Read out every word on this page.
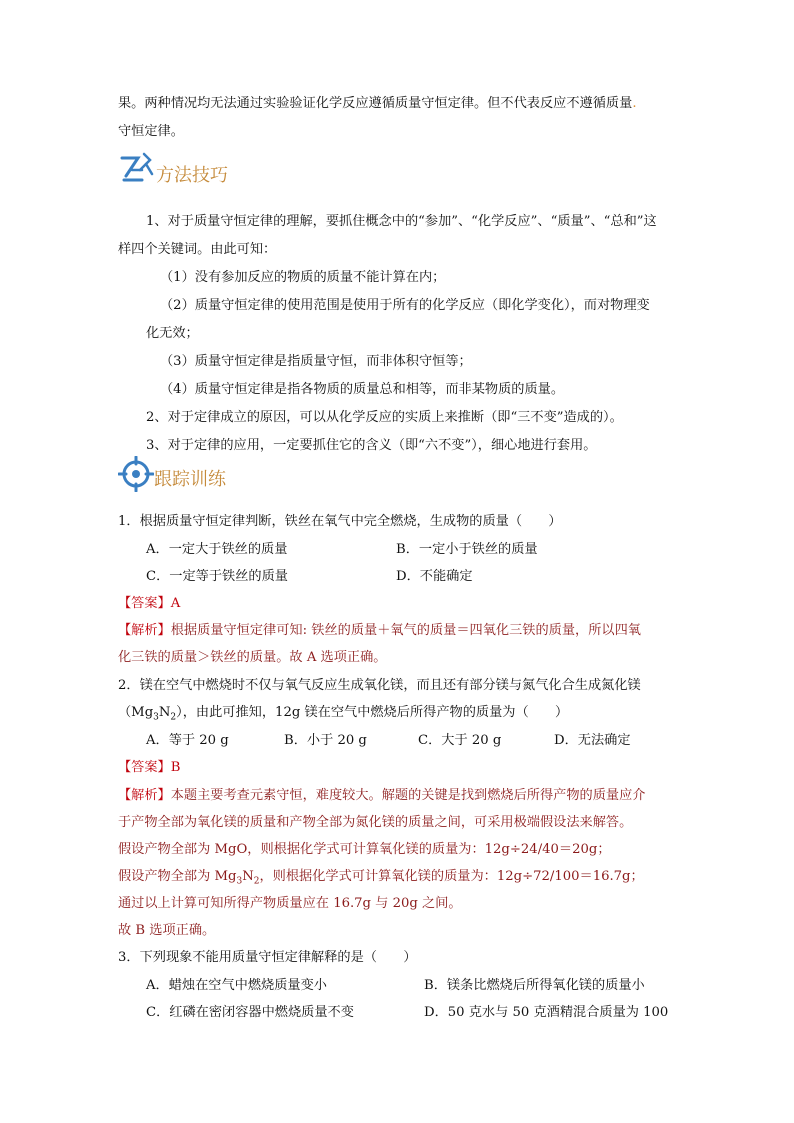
果。两种情况均无法通过实验验证化学反应遵循质量守恒定律。但不代表反应不遵循质量.
守恒定律。
方法技巧
1、对于质量守恒定律的理解，要抓住概念中的“参加”、“化学反应”、“质量”、“总和”这
样四个关键词。由此可知：
（1）没有参加反应的物质的质量不能计算在内；
（2）质量守恒定律的使用范围是使用于所有的化学反应（即化学变化），而对物理变
化无效；
（3）质量守恒定律是指质量守恒，而非体积守恒等；
（4）质量守恒定律是指各物质的质量总和相等，而非某物质的质量。
2、对于定律成立的原因，可以从化学反应的实质上来推断（即“三不变”造成的）。
3、对于定律的应用，一定要抓住它的含义（即“六不变”），细心地进行套用。
跟踪训练
1．根据质量守恒定律判断，铁丝在氧气中完全燃烧，生成物的质量（　　）
A．一定大于铁丝的质量	B．一定小于铁丝的质量
C．一定等于铁丝的质量	D．不能确定
【答案】A
【解析】根据质量守恒定律可知: 铁丝的质量＋氧气的质量＝四氧化三铁的质量，所以四氧
化三铁的质量＞铁丝的质量。故 A 选项正确。
2．镁在空气中燃烧时不仅与氧气反应生成氧化镁，而且还有部分镁与氮气化合生成氮化镁
$(Mg_3N_2)$，由此可推知，12g 镁在空气中燃烧后所得产物的质量为（　　）
A．等于 20 g	B．小于 20 g	C．大于 20 g	D．无法确定
【答案】B
【解析】本题主要考查元素守恒，难度较大。解题的关键是找到燃烧后所得产物的质量应介
于产物全部为氧化镁的质量和产物全部为氮化镁的质量之间，可采用极端假设法来解答。
假设产物全部为 MgO，则根据化学式可计算氧化镁的质量为：12g÷24/40＝20g；
假设产物全部为 $Mg_3N_2$，则根据化学式可计算氧化镁的质量为：12g÷72/100＝16.7g；
通过以上计算可知所得产物质量应在 16.7g 与 20g 之间。
故 B 选项正确。
3．下列现象不能用质量守恒定律解释的是（　　）
A．蜡烛在空气中燃烧质量变小	B．镁条比燃烧后所得氧化镁的质量小
C．红磷在密闭容器中燃烧质量不变	D．50 克水与 50 克酒精混合质量为 100
